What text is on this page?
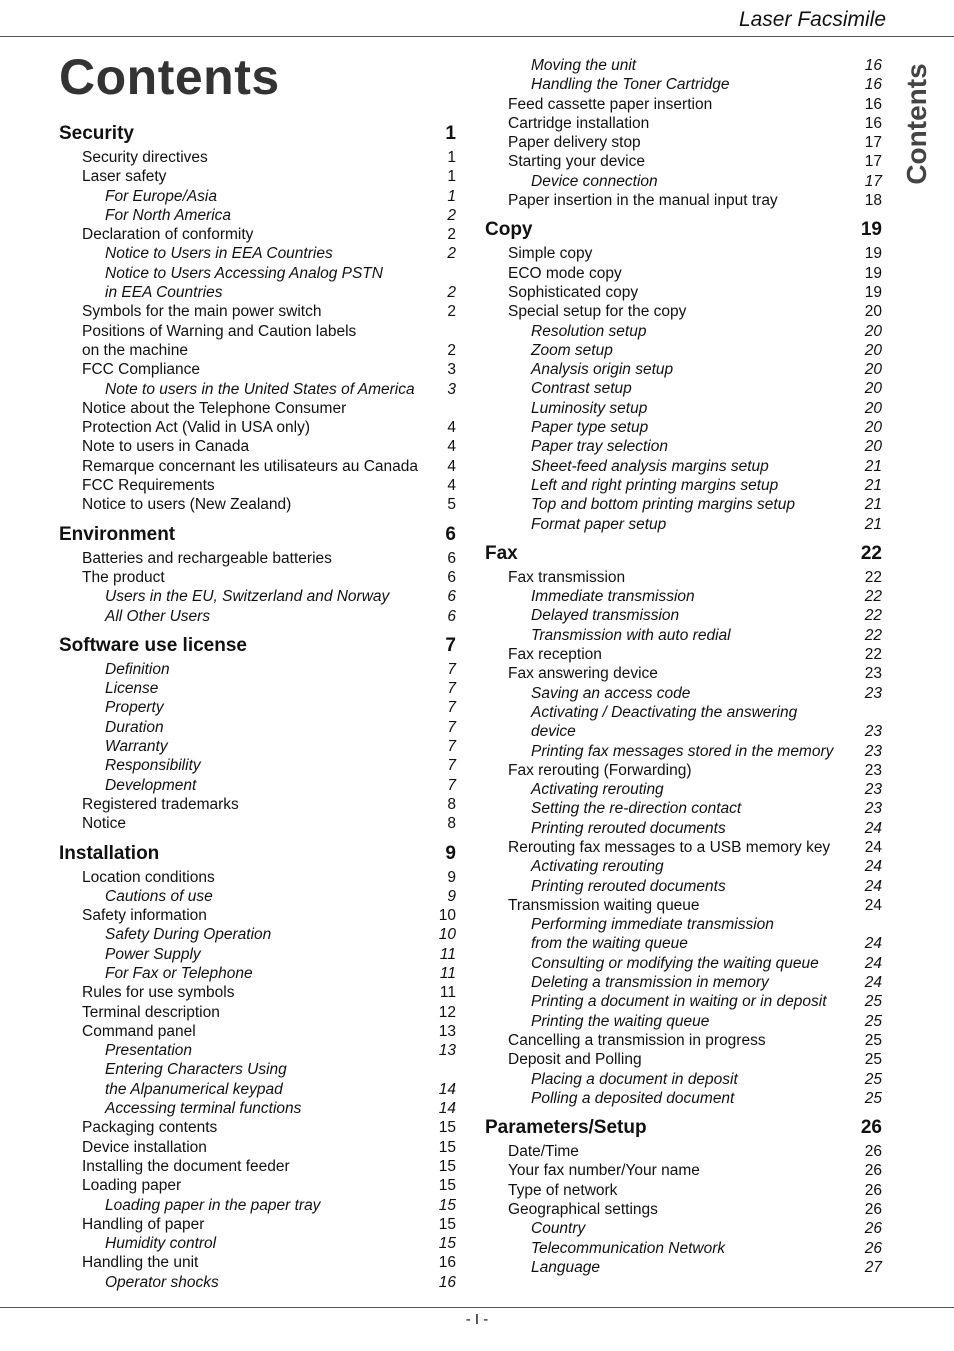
Laser Facsimile
Contents	Contents
Security	1
Security directives	1
Laser safety	1
For Europe/Asia	1
For North America	2
Declaration of conformity	2
Notice to Users in EEA Countries	2
Notice to Users Accessing Analog PSTN
in EEA Countries	2
Symbols for the main power switch	2
Positions of Warning and Caution labels
on the machine	2
FCC Compliance	3
Note to users in the United States of America 3
Notice about the Telephone Consumer
Protection Act (Valid in USA only)	4
Note to users in Canada	4
Remarque concernant les utilisateurs au Canada 4
FCC Requirements	4
Notice to users (New Zealand)	5
Environment	6
Batteries and rechargeable batteries	6
The product	6
Users in the EU, Switzerland and Norway	6
All Other Users	6
Software use license	7
Definition	7
License	7
Property	7
Duration	7
Warranty	7
Responsibility	7
Development	7
Registered trademarks	8
Notice	8
Installation	9
Location conditions	9
Cautions of use	9
Safety information	10
Safety During Operation	10
Power Supply	11
For Fax or Telephone	11
Rules for use symbols	11
Terminal description	12
Command panel	13
Presentation	13
Entering Characters Using
the Alpanumerical keypad	14
Accessing terminal functions	14
Packaging contents	15
Device installation	15
Installing the document feeder	15
Loading paper	15
Loading paper in the paper tray	15
Handling of paper	15
Humidity control	15
Handling the unit	16
Operator shocks	16
Moving the unit	16
Handling the Toner Cartridge	16
Feed cassette paper insertion	16
Cartridge installation	16
Paper delivery stop	17
Starting your device	17
Device connection	17
Paper insertion in the manual input tray	18
Copy	19
Simple copy	19
ECO mode copy	19
Sophisticated copy	19
Special setup for the copy	20
Resolution setup	20
Zoom setup	20
Analysis origin setup	20
Contrast setup	20
Luminosity setup	20
Paper type setup	20
Paper tray selection	20
Sheet-feed analysis margins setup	21
Left and right printing margins setup	21
Top and bottom printing margins setup	21
Format paper setup	21
Fax	22
Fax transmission	22
Immediate transmission	22
Delayed transmission	22
Transmission with auto redial	22
Fax reception	22
Fax answering device	23
Saving an access code	23
Activating / Deactivating the answering
device	23
Printing fax messages stored in the memory 23
Fax rerouting (Forwarding)	23
Activating rerouting	23
Setting the re-direction contact	23
Printing rerouted documents	24
Rerouting fax messages to a USB memory key 24
Activating rerouting	24
Printing rerouted documents	24
Transmission waiting queue	24
Performing immediate transmission
from the waiting queue	24
Consulting or modifying the waiting queue	24
Deleting a transmission in memory	24
Printing a document in waiting or in deposit 25
Printing the waiting queue	25
Cancelling a transmission in progress	25
Deposit and Polling	25
Placing a document in deposit	25
Polling a deposited document	25
Parameters/Setup	26
Date/Time	26
Your fax number/Your name	26
Type of network	26
Geographical settings	26
Country	26
Telecommunication Network	26
Language	27
- I -
